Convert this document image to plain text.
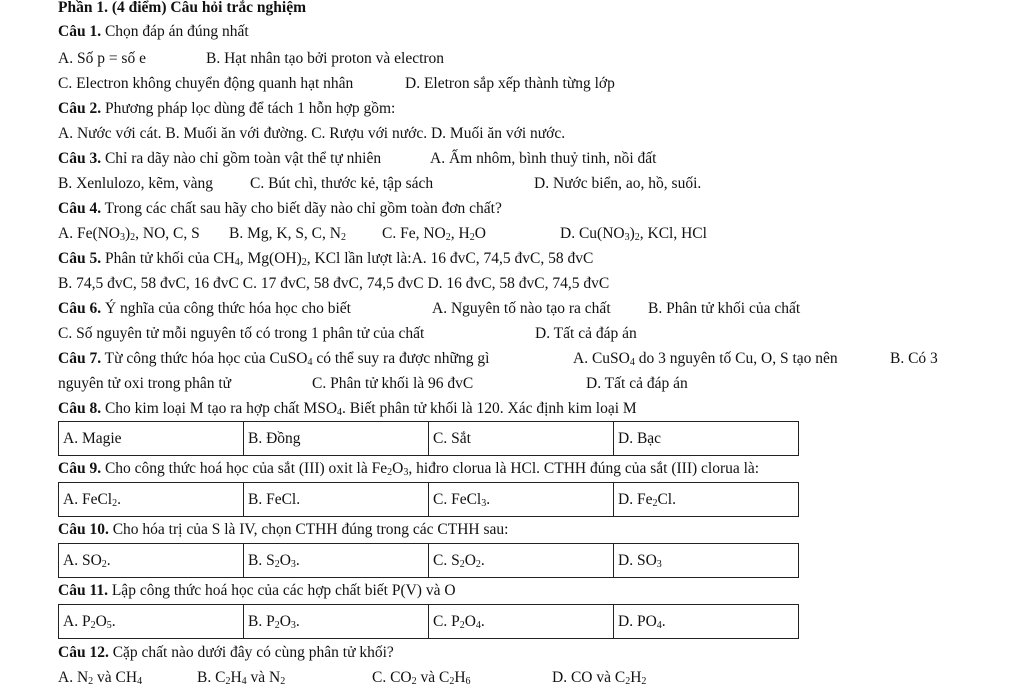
Phần 1. (4 điểm) Câu hỏi trắc nghiệm
Câu 1. Chọn đáp án đúng nhất
A. Số p = số e	B. Hạt nhân tạo bởi proton và electron
C. Electron không chuyển động quanh hạt nhân	D. Eletron sắp xếp thành từng lớp
Câu 2. Phương pháp lọc dùng để tách 1 hỗn hợp gồm:
A. Nước với cát. B. Muối ăn với đường. C. Rượu với nước. D. Muối ăn với nước.
Câu 3. Chỉ ra dãy nào chỉ gồm toàn vật thể tự nhiên	A. Ấm nhôm, bình thuỷ tinh, nồi đất
B. Xenlulozo, kẽm, vàng C. Bút chì, thước kẻ, tập sách	D. Nước biển, ao, hồ, suối.
Câu 4. Trong các chất sau hãy cho biết dãy nào chỉ gồm toàn đơn chất?
A. $Fe(NO_3)_2$, NO, C, S B. Mg, K, S, C, $N_2$ C. Fe, $NO_2$, $H_2O$	D. $Cu(NO_3)_2$, KCl, HCl
Câu 5. Phân tử khối của $CH_4$, $Mg(OH)_2$, KCl lần lượt là:A. 16 đvC, 74,5 đvC, 58 đvC
B. 74,5 đvC, 58 đvC, 16 đvC C. 17 đvC, 58 đvC, 74,5 đvC D. 16 đvC, 58 đvC, 74,5 đvC
Câu 6. Ý nghĩa của công thức hóa học cho biết	A. Nguyên tố nào tạo ra chất B. Phân tử khối của chất
C. Số nguyên tử mỗi nguyên tố có trong 1 phân tử của chất	D. Tất cả đáp án
Câu 7. Từ công thức hóa học của CuSO$_4$ có thể suy ra được những gì	A. CuSO$_4$ do 3 nguyên tố Cu, O, S tạo nên	B. Có 3
nguyên tử oxi trong phân tử	C. Phân tử khối là 96 đvC	D. Tất cả đáp án
Câu 8. Cho kim loại M tạo ra hợp chất $MSO_4$. Biết phân tử khối là 120. Xác định kim loại M
A. Magie	B. Đồng	C. Sắt	D. Bạc
Câu 9. Cho công thức hoá học của sắt (III) oxit là $Fe_2O_3$, hiđro clorua là HCl. CTHH đúng của sắt (III) clorua là:
A. FeCl$_2$.	B. FeCl.	C. FeCl$_3$.	D. $Fe_2Cl$.
Câu 10. Cho hóa trị của S là IV, chọn CTHH đúng trong các CTHH sau:
A. $SO_2$.	B. $S_2O_3$.	C. $S_2O_2$.	D. $SO_3$
Câu 11. Lập công thức hoá học của các hợp chất biết P(V) và O
A. $P_2O_5$.	B. $P_2O_3$.	C. $P_2O_4$.	D. $PO_4$.
Câu 12. Cặp chất nào dưới đây có cùng phân tử khối?
A. $N_2$ và $CH_4$	B. $C_2H_4$ và $N_2$	C. $CO_2$ và $C_2H_6$	D. CO và $C_2H_2$
